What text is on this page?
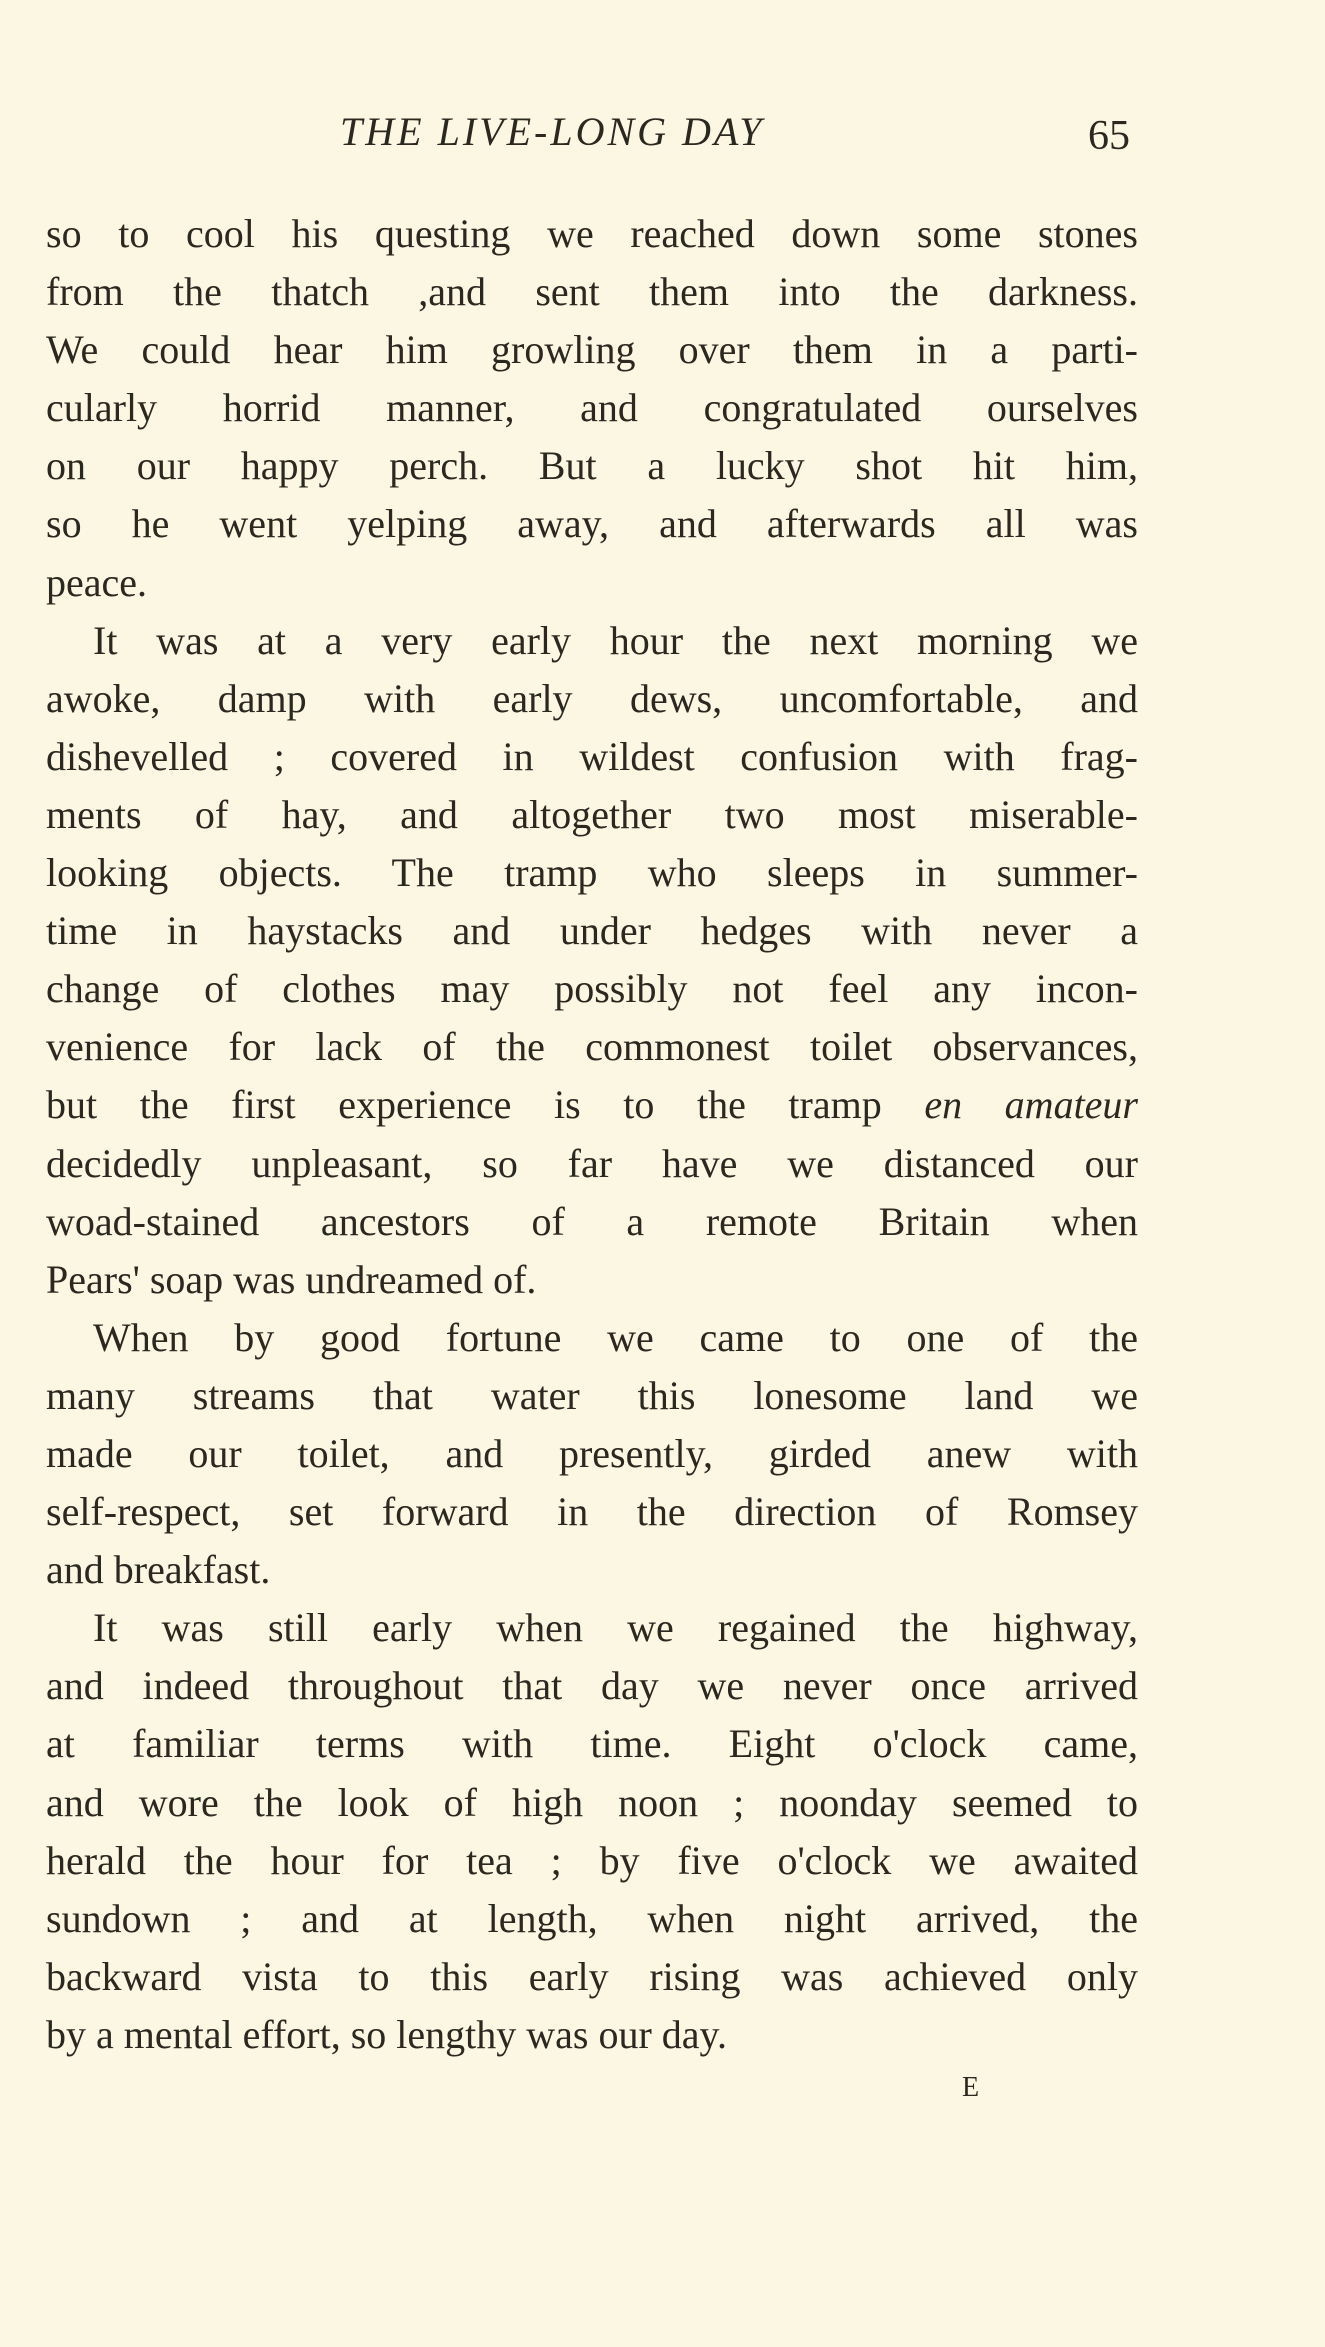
THE LIVE-LONG DAY	65
so to cool his questing we reached down some stones
from the thatch ,and sent them into the darkness.
We could hear him growling over them in a parti-
cularly horrid manner, and congratulated ourselves
on our happy perch. But a lucky shot hit him,
so he went yelping away, and afterwards all was
peace.
It was at a very early hour the next morning we
awoke, damp with early dews, uncomfortable, and
dishevelled ; covered in wildest confusion with frag-
ments of hay, and altogether two most miserable-
looking objects. The tramp who sleeps in summer-
time in haystacks and under hedges with never a
change of clothes may possibly not feel any incon-
venience for lack of the commonest toilet observances,
but the first experience is to the tramp en amateur
decidedly unpleasant, so far have we distanced our
woad-stained ancestors of a remote Britain when
Pears' soap was undreamed of.
When by good fortune we came to one of the
many streams that water this lonesome land we
made our toilet, and presently, girded anew with
self-respect, set forward in the direction of Romsey
and breakfast.
It was still early when we regained the highway,
and indeed throughout that day we never once arrived
at familiar terms with time. Eight o'clock came,
and wore the look of high noon ; noonday seemed to
herald the hour for tea ; by five o'clock we awaited
sundown ; and at length, when night arrived, the
backward vista to this early rising was achieved only
by a mental effort, so lengthy was our day.
E
